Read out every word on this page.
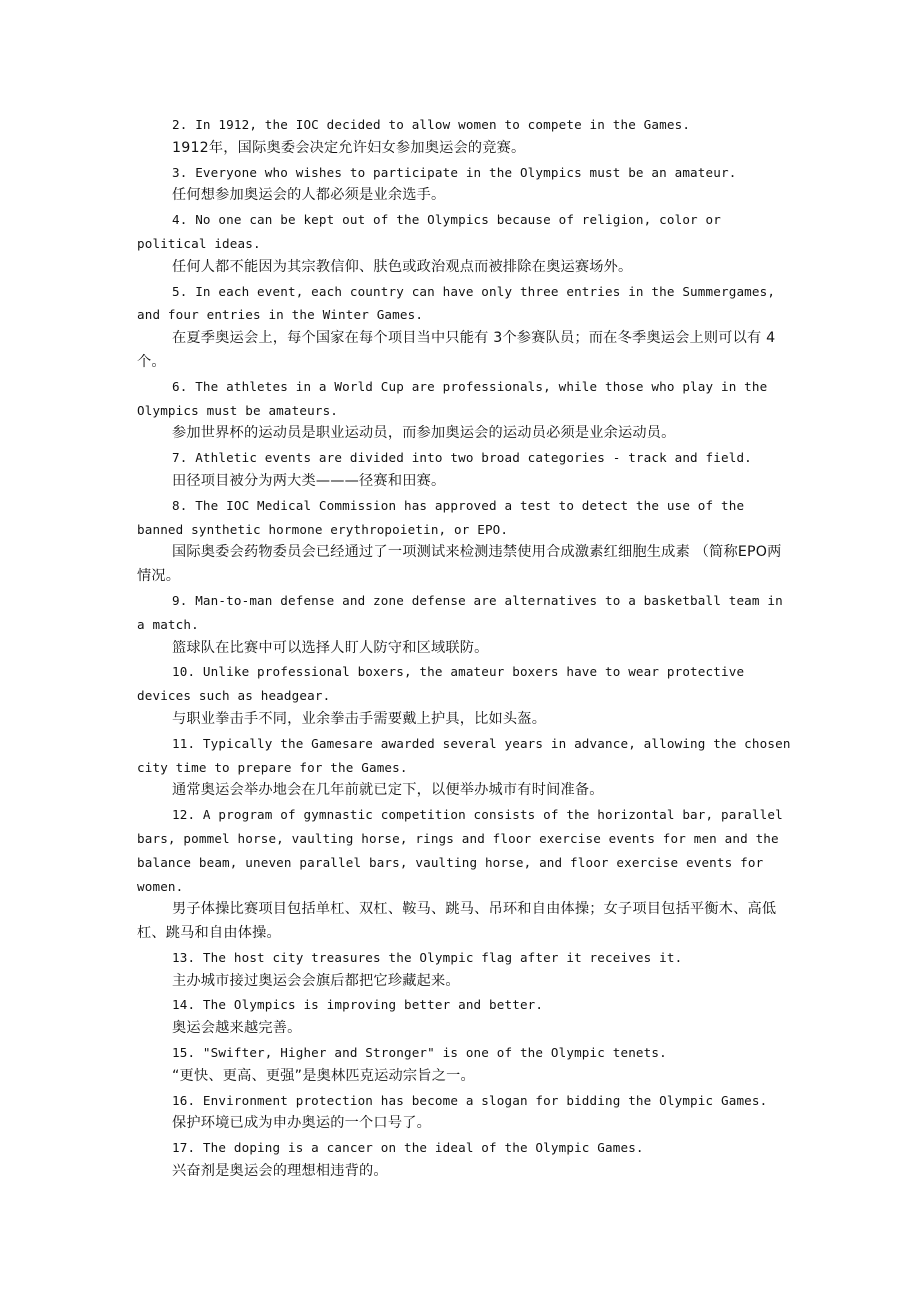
2. In 1912, the IOC decided to allow women to compete in the Games.

1912年，国际奥委会决定允许妇女参加奥运会的竞赛。

3. Everyone who wishes to participate in the Olympics must be an amateur.

任何想参加奥运会的人都必须是业余选手。

4. No one can be kept out of the Olympics because of religion, color or political ideas.

任何人都不能因为其宗教信仰、肤色或政治观点而被排除在奥运赛场外。

5. In each event, each country can have only three entries in the Summergames, and four entries in the Winter Games.

在夏季奥运会上，每个国家在每个项目当中只能有 3个参赛队员；而在冬季奥运会上则可以有 4个。

6. The athletes in a World Cup are professionals, while those who play in the Olympics must be amateurs.

参加世界杯的运动员是职业运动员，而参加奥运会的运动员必须是业余运动员。

7. Athletic events are divided into two broad categories - track and field.

田径项目被分为两大类———径赛和田赛。

8. The IOC Medical Commission has approved a test to detect the use of the banned synthetic hormone erythropoietin, or EPO.

国际奥委会药物委员会已经通过了一项测试来检测违禁使用合成激素红细胞生成素 （简称EPO两情况。

9. Man-to-man defense and zone defense are alternatives to a basketball team in a match.

篮球队在比赛中可以选择人盯人防守和区域联防。

10. Unlike professional boxers, the amateur boxers have to wear protective devices such as headgear.

与职业拳击手不同，业余拳击手需要戴上护具，比如头盔。

11. Typically the Gamesare awarded several years in advance, allowing the chosen city time to prepare for the Games.

通常奥运会举办地会在几年前就已定下，以便举办城市有时间准备。

12. A program of gymnastic competition consists of the horizontal bar, parallel bars, pommel horse, vaulting horse, rings and floor exercise events for men and the balance beam, uneven parallel bars, vaulting horse, and floor exercise events for women.

男子体操比赛项目包括单杠、双杠、鞍马、跳马、吊环和自由体操；女子项目包括平衡木、高低杠、跳马和自由体操。

13. The host city treasures the Olympic flag after it receives it.

主办城市接过奥运会会旗后都把它珍藏起来。

14. The Olympics is improving better and better.

奥运会越来越完善。

15. "Swifter, Higher and Stronger" is one of the Olympic tenets.

“更快、更高、更强”是奥林匹克运动宗旨之一。

16. Environment protection has become a slogan for bidding the Olympic Games.

保护环境已成为申办奥运的一个口号了。

17. The doping is a cancer on the ideal of the Olympic Games.

兴奋剂是奥运会的理想相违背的。
